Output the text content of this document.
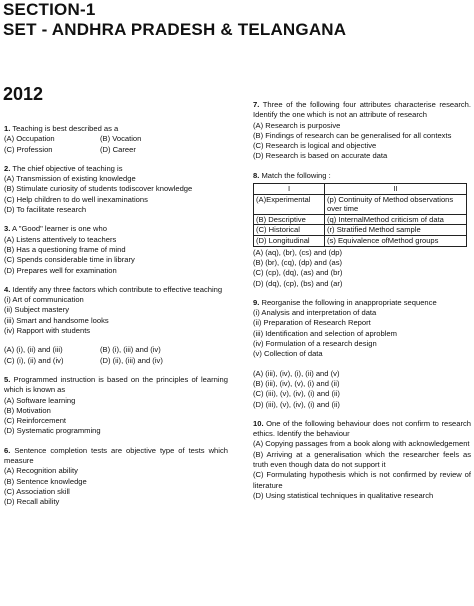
SECTION-1
SET - ANDHRA PRADESH & TELANGANA
2012
1. Teaching is best described as a
(A) Occupation	(B) Vocation
(C) Profession	(D) Career
2. The chief objective of teaching is
(A) Transmission of existing knowledge
(B) Stimulate curiosity of students todiscover knowledge
(C) Help children to do well inexaminations
(D) To facilitate research
3. A "Good" learner is one who
(A) Listens attentively to teachers
(B) Has a questioning frame of mind
(C) Spends considerable time in library
(D) Prepares well for examination
4. Identify any three factors which contribute to effective teaching
(i) Art of communication
(ii) Subject mastery
(iii) Smart and handsome looks
(iv) Rapport with students
(A) (i), (ii) and (iii)	(B) (i), (iii) and (iv)
(C) (i), (ii) and (iv)	(D) (ii), (iii) and (iv)
5. Programmed instruction is based on the principles of learning which is known as
(A) Software learning
(B) Motivation
(C) Reinforcement
(D) Systematic programming
6. Sentence completion tests are objective type of tests which measure
(A) Recognition ability
(B) Sentence knowledge
(C) Association skill
(D) Recall ability
7. Three of the following four attributes characterise research. Identify the one which is not an attribute of research
(A) Research is purposive
(B) Findings of research can be generalised for all contexts
(C) Research is logical and objective
(D) Research is based on accurate data
8. Match the following :
I	II
(A)Experimental	(p) Continuity of Method observations over time
(B) Descriptive	(q) InternalMethod criticism of data
(C) Historical	(r) Stratified Method sample
(D) Longitudinal	(s) Equivalence ofMethod groups
(A) (aq), (br), (cs) and (dp)
(B) (br), (cq), (dp) and (as)
(C) (cp), (dq), (as) and (br)
(D) (dq), (cp), (bs) and (ar)
9. Reorganise the following in anappropriate sequence
(i) Analysis and interpretation of data
(ii) Preparation of Research Report
(iii) Identification and selection of aproblem
(iv) Formulation of a research design
(v) Collection of data
(A) (iii), (iv), (i), (ii) and (v)
(B) (iii), (iv), (v), (i) and (ii)
(C) (iii), (v), (iv), (i) and (ii)
(D) (iii), (v), (iv), (i) and (ii)
10. One of the following behaviour does not confirm to research ethics. Identify the behaviour
(A) Copying passages from a book along with acknowledgement
(B) Arriving at a generalisation which the researcher feels as truth even though data do not support it
(C) Formulating hypothesis which is not confirmed by review of literature
(D) Using statistical techniques in qualitative research
